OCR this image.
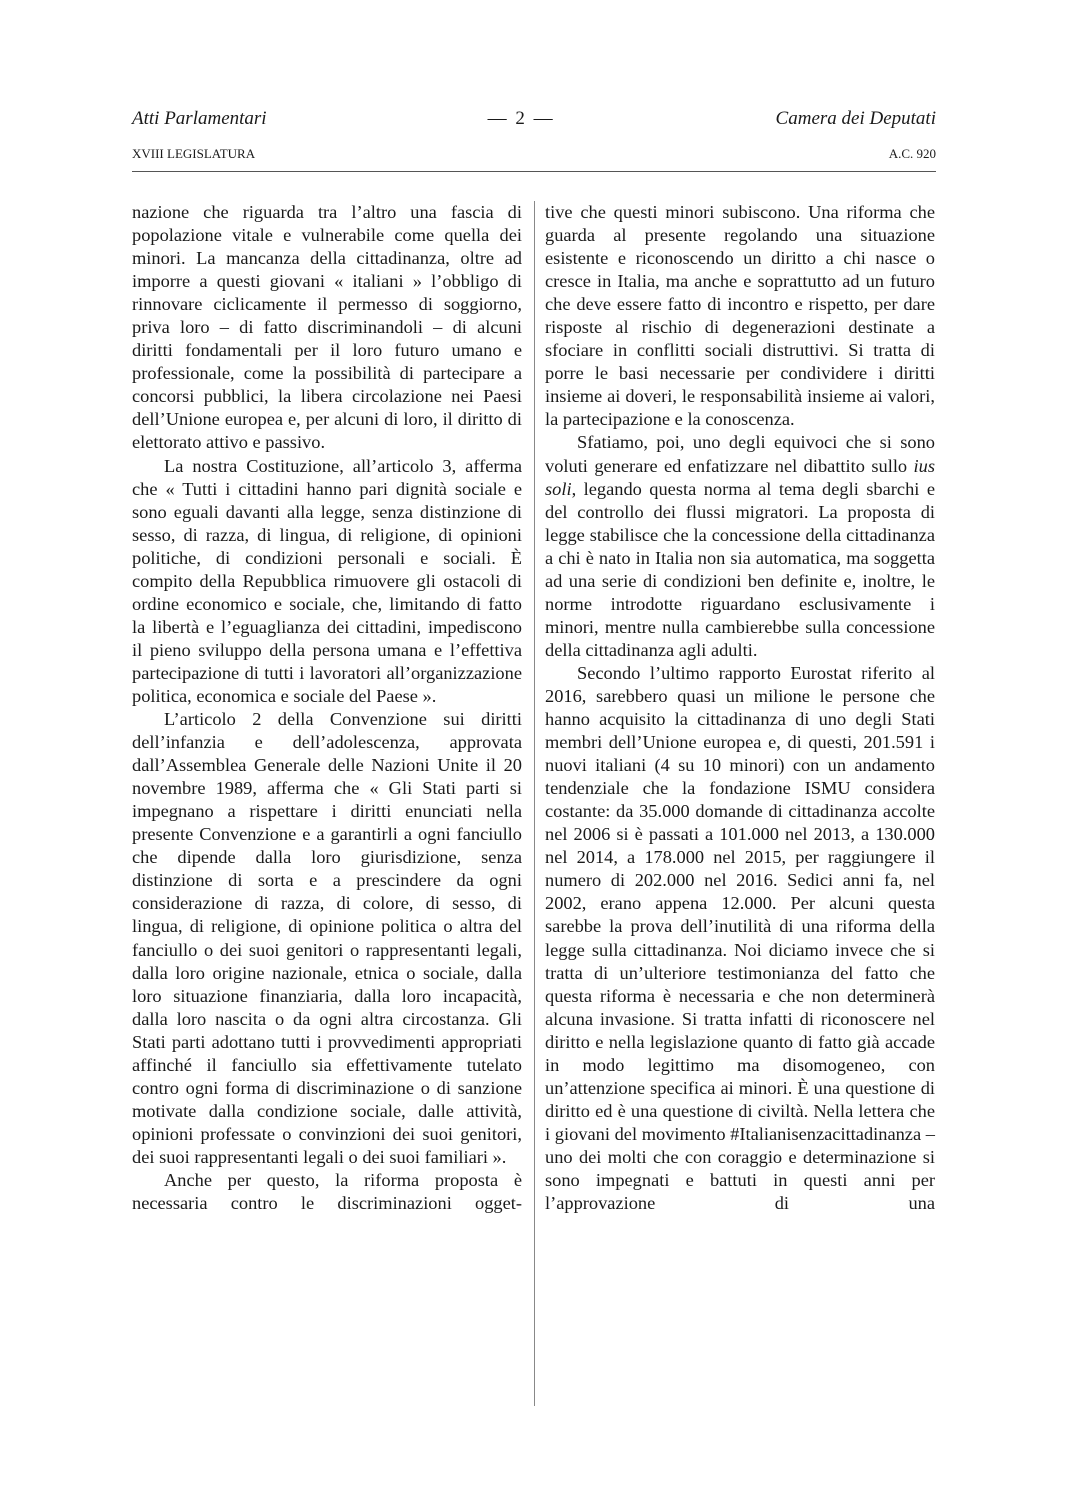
Atti Parlamentari	— 2 —	Camera dei Deputati
XVIII LEGISLATURA	A.C. 920

nazione che riguarda tra l’altro una fascia di popolazione vitale e vulnerabile come quella dei minori. La mancanza della cittadinanza, oltre ad imporre a questi giovani « italiani » l’obbligo di rinnovare ciclicamente il permesso di soggiorno, priva loro – di fatto discriminandoli – di alcuni diritti fondamentali per il loro futuro umano e professionale, come la possibilità di partecipare a concorsi pubblici, la libera circolazione nei Paesi dell’Unione europea e, per alcuni di loro, il diritto di elettorato attivo e passivo.

La nostra Costituzione, all’articolo 3, afferma che « Tutti i cittadini hanno pari dignità sociale e sono eguali davanti alla legge, senza distinzione di sesso, di razza, di lingua, di religione, di opinioni politiche, di condizioni personali e sociali. È compito della Repubblica rimuovere gli ostacoli di ordine economico e sociale, che, limitando di fatto la libertà e l’eguaglianza dei cittadini, impediscono il pieno sviluppo della persona umana e l’effettiva partecipazione di tutti i lavoratori all’organizzazione politica, economica e sociale del Paese ».

L’articolo 2 della Convenzione sui diritti dell’infanzia e dell’adolescenza, approvata dall’Assemblea Generale delle Nazioni Unite il 20 novembre 1989, afferma che « Gli Stati parti si impegnano a rispettare i diritti enunciati nella presente Convenzione e a garantirli a ogni fanciullo che dipende dalla loro giurisdizione, senza distinzione di sorta e a prescindere da ogni considerazione di razza, di colore, di sesso, di lingua, di religione, di opinione politica o altra del fanciullo o dei suoi genitori o rappresentanti legali, dalla loro origine nazionale, etnica o sociale, dalla loro situazione finanziaria, dalla loro incapacità, dalla loro nascita o da ogni altra circostanza. Gli Stati parti adottano tutti i provvedimenti appropriati affinché il fanciullo sia effettivamente tutelato contro ogni forma di discriminazione o di sanzione motivate dalla condizione sociale, dalle attività, opinioni professate o convinzioni dei suoi genitori, dei suoi rappresentanti legali o dei suoi familiari ».

Anche per questo, la riforma proposta è necessaria contro le discriminazioni ogget-

tive che questi minori subiscono. Una riforma che guarda al presente regolando una situazione esistente e riconoscendo un diritto a chi nasce o cresce in Italia, ma anche e soprattutto ad un futuro che deve essere fatto di incontro e rispetto, per dare risposte al rischio di degenerazioni destinate a sfociare in conflitti sociali distruttivi. Si tratta di porre le basi necessarie per condividere i diritti insieme ai doveri, le responsabilità insieme ai valori, la partecipazione e la conoscenza.

Sfatiamo, poi, uno degli equivoci che si sono voluti generare ed enfatizzare nel dibattito sullo ius soli, legando questa norma al tema degli sbarchi e del controllo dei flussi migratori. La proposta di legge stabilisce che la concessione della cittadinanza a chi è nato in Italia non sia automatica, ma soggetta ad una serie di condizioni ben definite e, inoltre, le norme introdotte riguardano esclusivamente i minori, mentre nulla cambierebbe sulla concessione della cittadinanza agli adulti.

Secondo l’ultimo rapporto Eurostat riferito al 2016, sarebbero quasi un milione le persone che hanno acquisito la cittadinanza di uno degli Stati membri dell’Unione europea e, di questi, 201.591 i nuovi italiani (4 su 10 minori) con un andamento tendenziale che la fondazione ISMU considera costante: da 35.000 domande di cittadinanza accolte nel 2006 si è passati a 101.000 nel 2013, a 130.000 nel 2014, a 178.000 nel 2015, per raggiungere il numero di 202.000 nel 2016. Sedici anni fa, nel 2002, erano appena 12.000. Per alcuni questa sarebbe la prova dell’inutilità di una riforma della legge sulla cittadinanza. Noi diciamo invece che si tratta di un’ulteriore testimonianza del fatto che questa riforma è necessaria e che non determinerà alcuna invasione. Si tratta infatti di riconoscere nel diritto e nella legislazione quanto di fatto già accade in modo legittimo ma disomogeneo, con un’attenzione specifica ai minori. È una questione di diritto ed è una questione di civiltà. Nella lettera che i giovani del movimento #Italianisenzacittadinanza – uno dei molti che con coraggio e determinazione si sono impegnati e battuti in questi anni per l’approvazione di una
